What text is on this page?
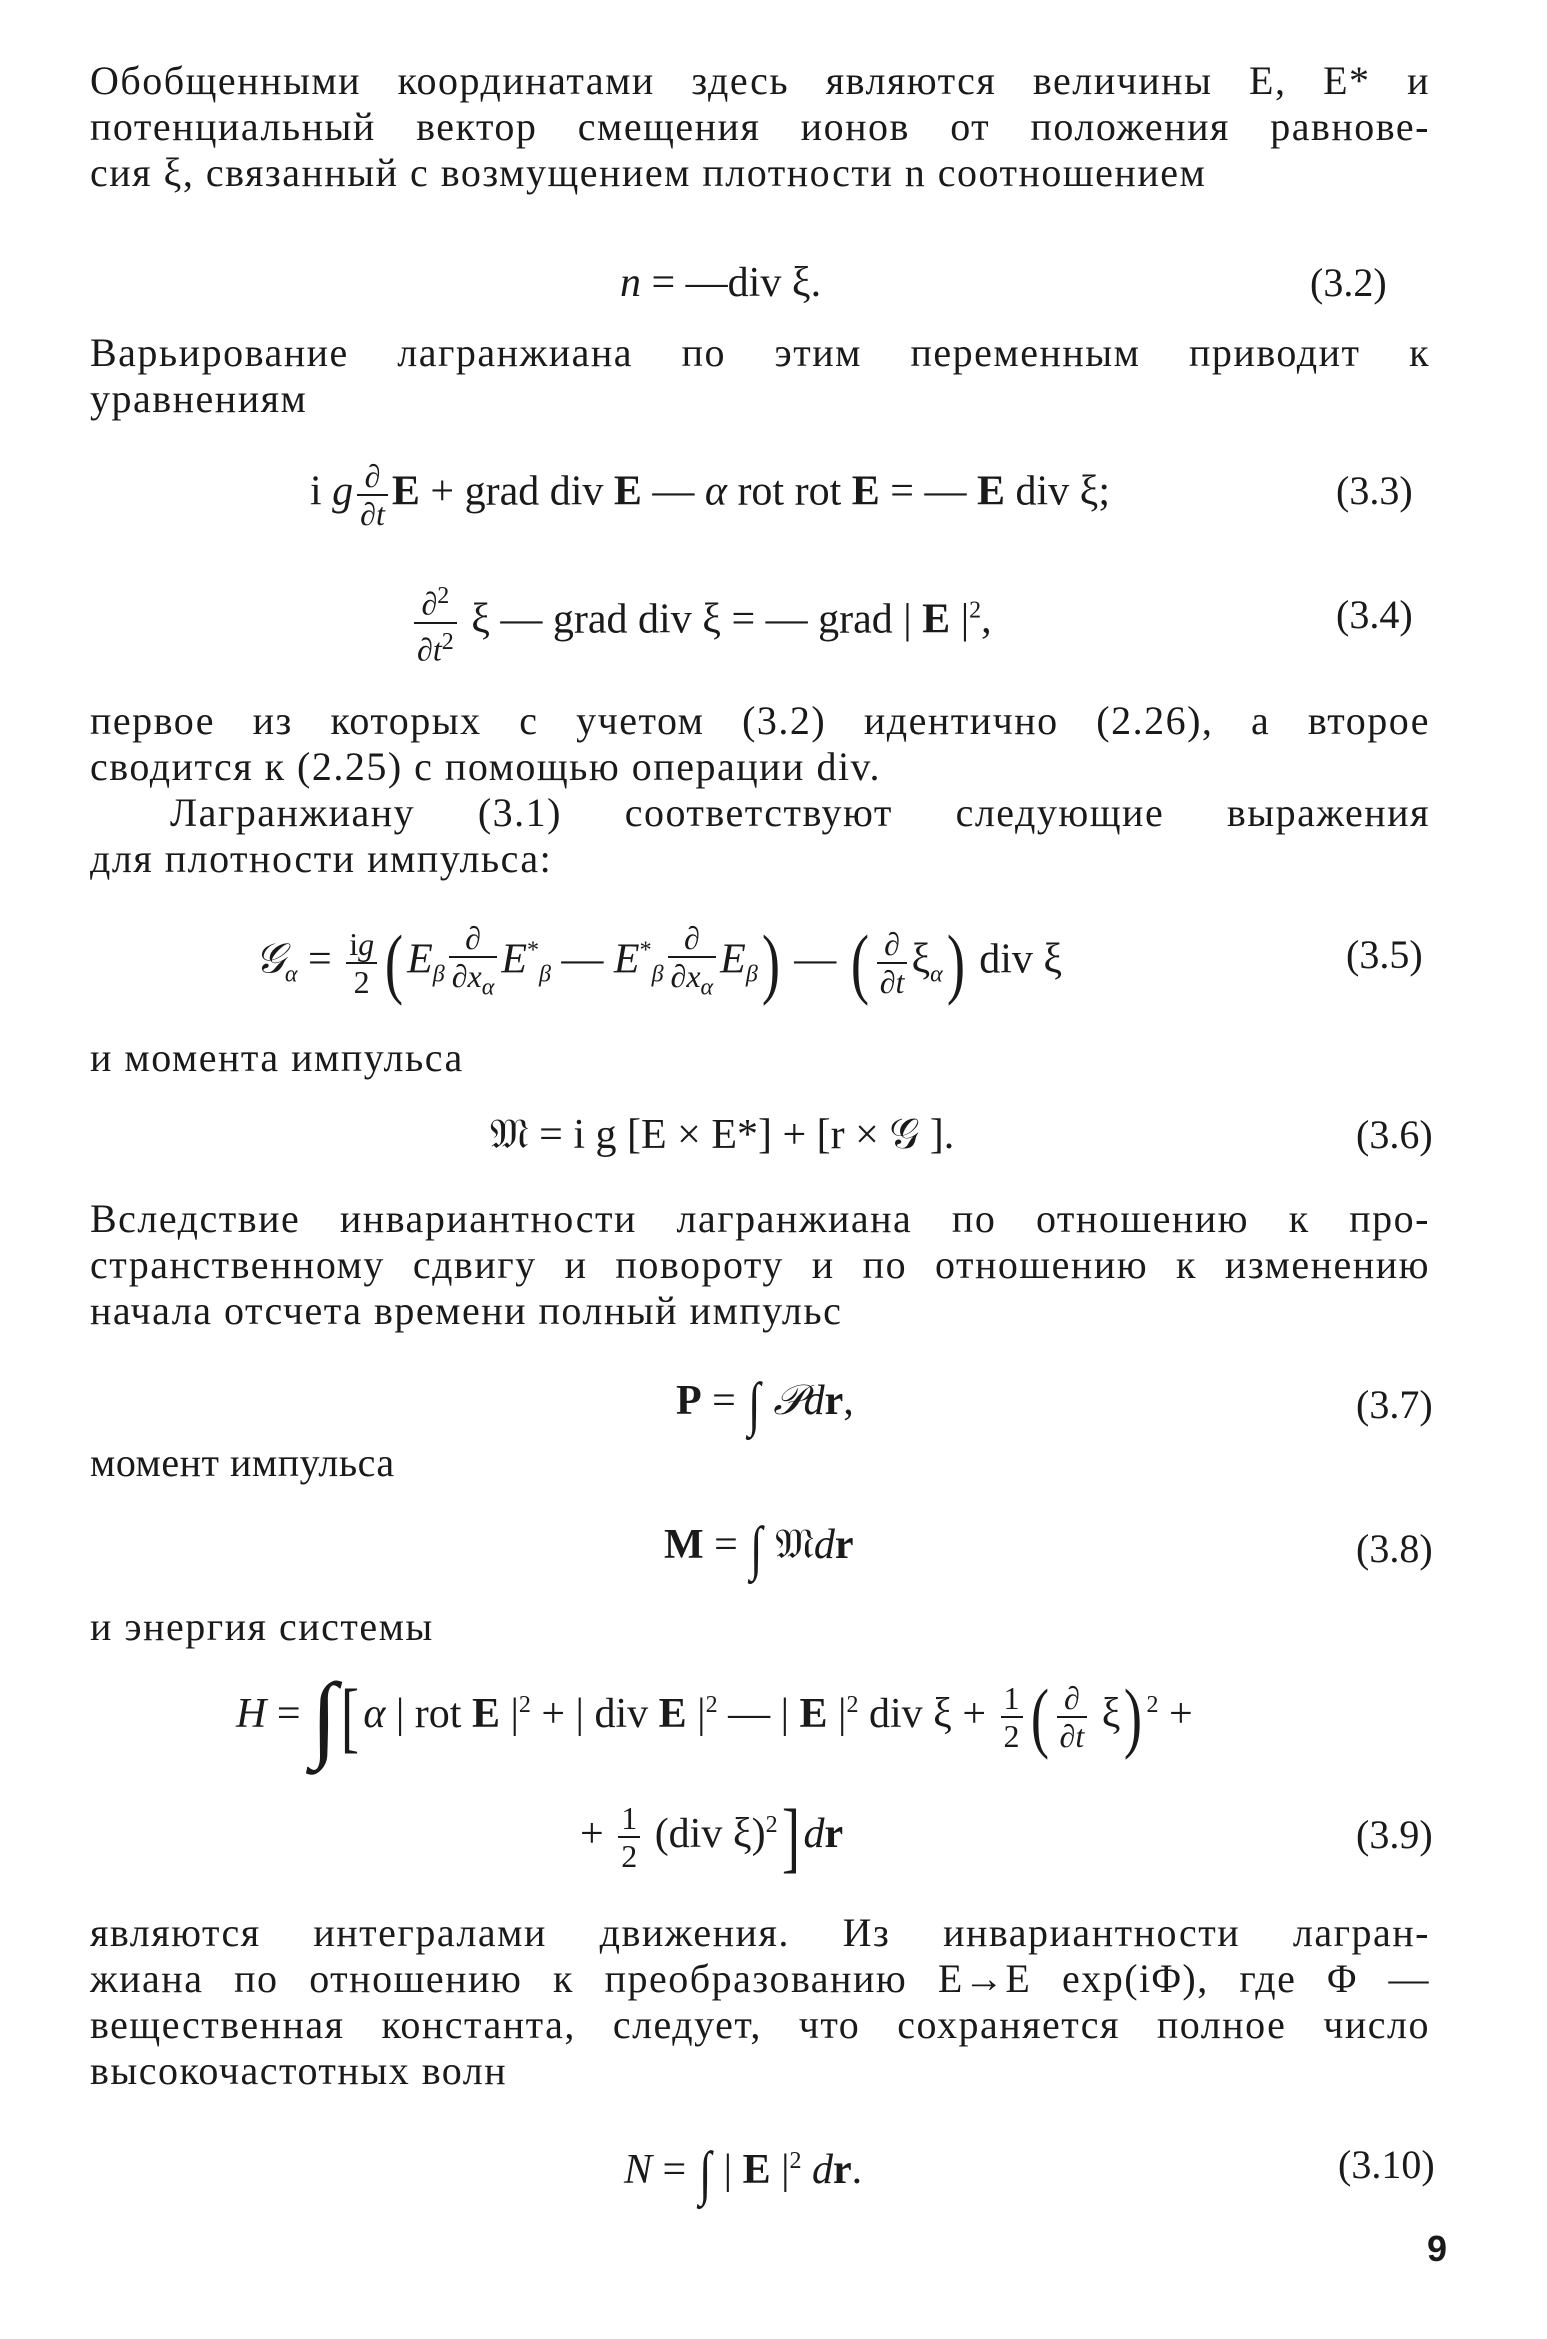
Обобщенными координатами здесь являются величины E, E* и
потенциальный вектор смещения ионов от положения равнове-
сия ξ, связанный с возмущением плотности n соотношением
n = —div ξ.	(3.2)
Варьирование лагранжиана по этим переменным приводит к
уравнениям
i g $\frac{\partial}{\partial t}$ E + grad div E — α rot rot E = — E div ξ;	(3.3)
$\frac{\partial^2}{\partial t^2}$ ξ — grad div ξ = — grad | E $|^2$,	(3.4)
первое из которых с учетом (3.2) идентично (2.26), а второе
сводится к (2.25) с помощью операции div.
Лагранжиану (3.1) соответствуют следующие выражения
для плотности импульса:
𝒢$_\alpha$ = $\frac{ig}{2} (E_\beta \frac{\partial}{\partial x_\alpha} E^*_\beta$ — $E^*_\beta \frac{\partial}{\partial x_\alpha} E_\beta$) — ( $\frac{\partial}{\partial t} \xi_\alpha$) div ξ	(3.5)
и момента импульса
𝔐 = i g [E × E*] + [r × 𝒢 ].	(3.6)
Вследствие инвариантности лагранжиана по отношению к про-
странственному сдвигу и повороту и по отношению к изменению
начала отсчета времени полный импульс
P = ∫ 𝒫dr,	(3.7)
момент импульса
M = ∫ 𝔐dr	(3.8)
и энергия системы
H = ∫[α | rot E $|^2$ + | div E $|^2$ — | E $|^2$ div $\xi + \frac{1}{2}$ ( $\frac{\partial}{\partial t} \xi$) $^2$ +
+ $\frac{1}{2} (div$ ξ)$^2$]dr	(3.9)
являются интегралами движения. Из инвариантности лагран-
жиана по отношению к преобразованию E→E exp(iΦ), где Φ —
вещественная константа, следует, что сохраняется полное число
высокочастотных волн
N = ∫ | E $|^2$ dr.	(3.10)
9
